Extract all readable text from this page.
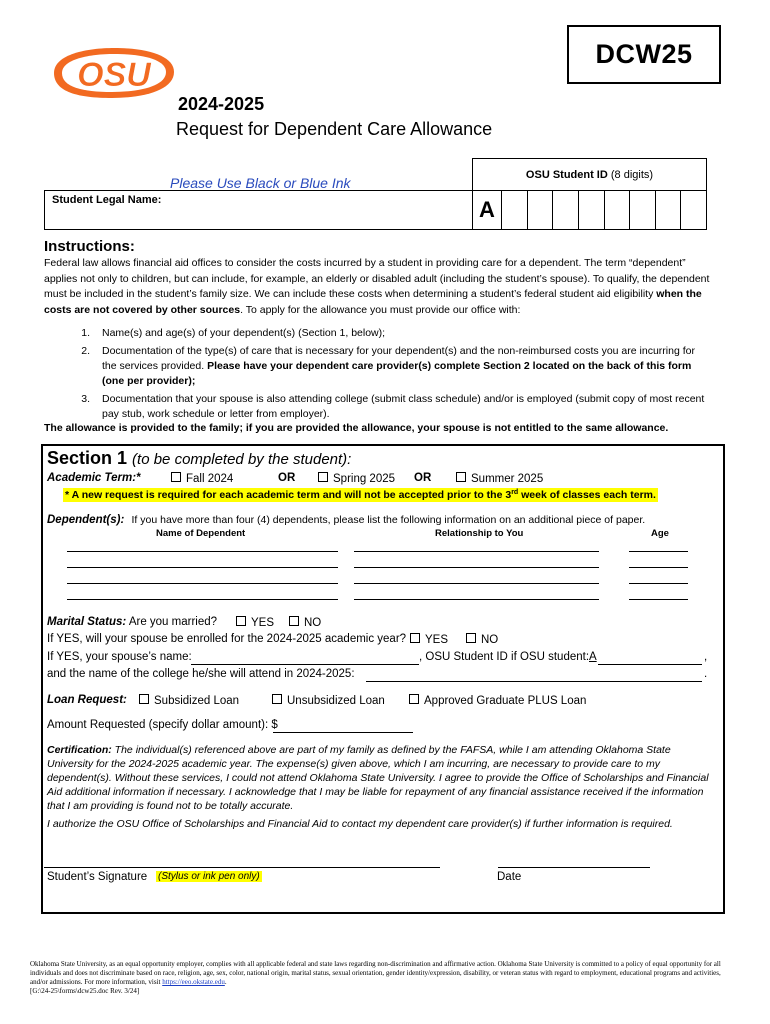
OSU
DCW25
2024-2025
Request for Dependent Care Allowance
Please Use Black or Blue Ink
Student Legal Name:
OSU Student ID
(8 digits)
A
Instructions:
Federal law allows financial aid offices to consider the costs incurred by a student in providing care for a dependent. The term “dependent” applies not only to children, but can include, for example, an elderly or disabled adult (including the student’s spouse). To qualify, the dependent must be included in the student’s family size. We can include these costs when determining a student’s federal student aid eligibility when the costs are not covered by other sources. To apply for the allowance you must provide our office with:
1.	Name(s) and age(s) of your dependent(s) (Section 1, below);
2.	Documentation of the type(s) of care that is necessary for your dependent(s) and the non-reimbursed costs you are incurring for the services provided. Please have your dependent care provider(s) complete Section 2 located on the back of this form (one per provider);
3.	Documentation that your spouse is also attending college (submit class schedule) and/or is employed (submit copy of most recent pay stub, work schedule or letter from employer).
The allowance is provided to the family; if you are provided the allowance, your spouse is not entitled to the same allowance.
Section 1 (to be completed by the student):
Academic Term:*	Fall 2024	OR	Spring 2025 OR	Summer 2025
* A new request is required for each academic term and will not be accepted prior to the 3rd week of classes each term.
Dependent(s): If you have more than four (4) dependents, please list the following information on an additional piece of paper.
Name of Dependent	Relationship to You	Age
Marital Status: Are you married?	YES	NO
If YES, will your spouse be enrolled for the 2024-2025 academic year?	YES	NO
If YES, your spouse’s name:	, OSU Student ID if OSU student: A	,
and the name of the college he/she will attend in 2024-2025:	.
Loan Request:	Subsidized Loan	Unsubsidized Loan	Approved Graduate PLUS Loan
Amount Requested (specify dollar amount): $
Certification: The individual(s) referenced above are part of my family as defined by the FAFSA, while I am attending Oklahoma State University for the 2024-2025 academic year. The expense(s) given above, which I am incurring, are necessary to provide care to my dependent(s). Without these services, I could not attend Oklahoma State University. I agree to provide the Office of Scholarships and Financial Aid additional information if necessary. I acknowledge that I may be liable for repayment of any financial assistance received if the information that I am providing is found not to be totally accurate.
I authorize the OSU Office of Scholarships and Financial Aid to contact my dependent care provider(s) if further information is required.
Student’s Signature (Stylus or ink pen only)	Date
Oklahoma State University, as an equal opportunity employer, complies with all applicable federal and state laws regarding non-discrimination and affirmative action. Oklahoma State University is committed to a policy of equal opportunity for all individuals and does not discriminate based on race, religion, age, sex, color, national origin, marital status, sexual orientation, gender identity/expression, disability, or veteran status with regard to employment, educational programs and activities, and/or admissions. For more information, visit https://eeo.okstate.edu.
[G:\24-25\forms\dcw25.doc Rev. 3/24]
